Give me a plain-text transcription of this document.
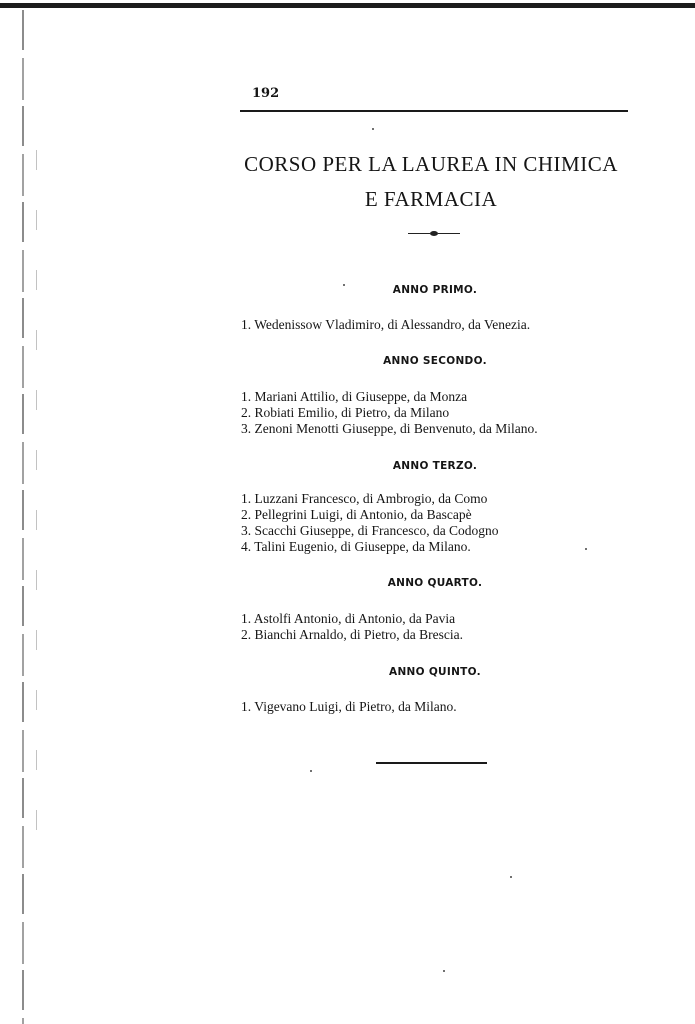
192
CORSO PER LA LAUREA IN CHIMICA
E FARMACIA
ANNO PRIMO.
1. Wedenissow Vladimiro, di Alessandro, da Venezia.
ANNO SECONDO.
1. Mariani Attilio, di Giuseppe, da Monza
2. Robiati Emilio, di Pietro, da Milano
3. Zenoni Menotti Giuseppe, di Benvenuto, da Milano.
ANNO TERZO.
1. Luzzani Francesco, di Ambrogio, da Como
2. Pellegrini Luigi, di Antonio, da Bascapè
3. Scacchi Giuseppe, di Francesco, da Codogno
4. Talini Eugenio, di Giuseppe, da Milano.
ANNO QUARTO.
1. Astolfi Antonio, di Antonio, da Pavia
2. Bianchi Arnaldo, di Pietro, da Brescia.
ANNO QUINTO.
1. Vigevano Luigi, di Pietro, da Milano.
